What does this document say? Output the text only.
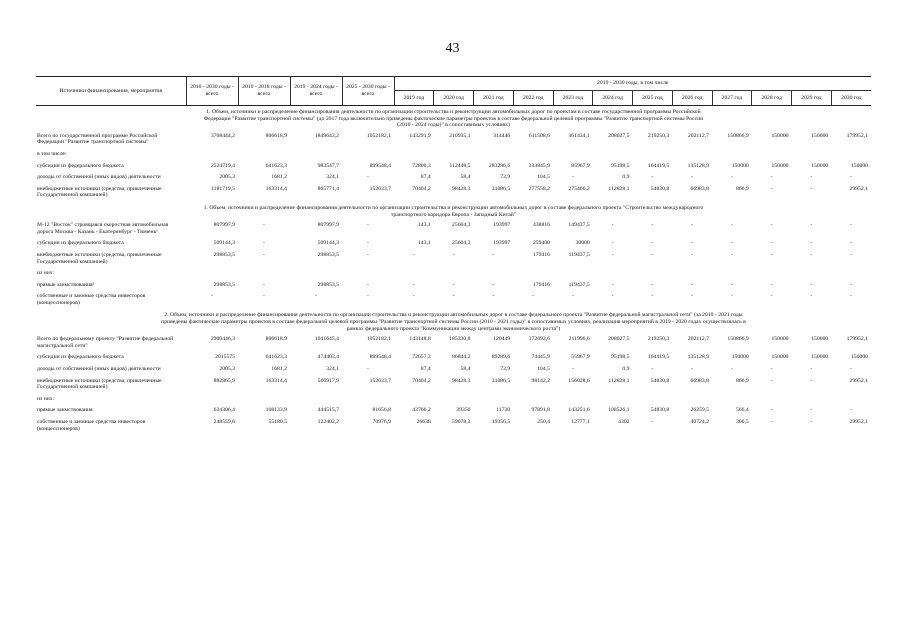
43
Источники финансирования, мероприятия	2010 - 2030 годы - всего	2010 - 2018 годы - всего	2019 - 2024 годы - всего	2025 - 2030 годы - всего	2019 - 2030 годы, в том числе											
					2019 год	2020 год	2021 год	2022 год	2023 год	2024 год	2025 год	2026 год	2027 год	2028 год	2029 год	2030 год

1. Объем, источники и распределение финансирования деятельности по организации строительства и реконструкции автомобильных дорог по проектам в составе государственной программы Российской Федерации "Развитие транспортной системы" (до 2017 года включительно приведены фактические параметры проектов в составе федеральной целевой программы "Развитие транспортной системы России (2010 - 2024 годы)" в сопоставимых условиях)																

Всего по государственной программе Российской Федерации "Развитие транспортной системы"	3708444,2	806618,9	1849643,2	1052182,1	143291,9	210935,1	314446	611508,6	361434,1	208027,5	219250,3	202112,7	150866,9	150000	150000	179952,1
в том числе:																
субсидии из федерального бюджета	2524719,4	641623,3	983547,7	899548,4	72800,3	112448,5	283286,6	333845,9	85967,9	95198,5	164419,5	135128,9	150000	150000	150000	150000
доходы от собственной (иных видов) деятельности	2005,3	1681,2	324,1	-	87,4	58,4	72,9	104,5	-	0,9	-	-	-	-	-	-
внебюджетные источники (средства, привлеченные Государственной компанией)	1181719,5	163314,4	865771,4	152633,7	70404,2	98428,3	31086,5	277558,2	275466,2	112828,1	54830,8	66983,8	866,9	-	-	29952,1

1. Объем, источники и распределение финансирования деятельности по организации строительства и реконструкции автомобильных дорог в составе федерального проекта "Строительство международного транспортного коридора Европа - Западный Китай"																

М-12 "Восток" строящаяся скоростная автомобильная дорога Москва - Казань - Екатеринбург - Тюмень¹	807997,9	-	807997,9	-	143,1	25604,3	193997	438816	149437,5	-	-	-	-	-	-	-
субсидии из федерального бюджета	509144,3	-	509144,3	-	143,1	25604,3	193997	259400	30000	-	-	-	-	-	-	-
внебюджетные источники (средства, привлеченные Государственной компанией)	298853,5	-	298853,5	-	-	-	-	179416	119437,5	-	-	-	-	-	-	-
из них:																
прямые заимствования²	298853,5	-	298853,5	-	-	-	-	179416	119437,5	-	-	-	-	-	-	-
собственные и заемные средства инвесторов (концессионеров)	-	-	-	-	-	-	-	-	-	-	-	-	-	-	-	-

2. Объем, источники и распределение финансирования деятельности по организации строительства и реконструкции автомобильных дорог в составе федерального проекта "Развитие федеральной магистральной сети" (за 2010 - 2021 годы приведены фактические параметры проектов в составе федеральной целевой программы "Развитие транспортной системы России (2010 - 2021 годы)" в сопоставимых условиях, реализация мероприятий в 2019 - 2020 годах осуществлялась в рамках федерального проекта "Коммуникации между центрами экономического роста")																

Всего по федеральному проекту "Развитие федеральной магистральной сети"	2900446,3	806618,9	1041645,4	1052182,1	143148,8	185330,8	120449	172692,6	211996,6	208027,5	219250,3	202112,7	150866,9	150000	150000	179952,1
субсидии из федерального бюджета	2015575	641623,3	474403,4	899548,4	72657,3	86844,2	89289,6	74445,9	55967,9	95198,5	164419,5	135128,9	150000	150000	150000	150000
доходы от собственной (иных видов) деятельности	2005,3	1681,2	324,1	-	87,4	58,4	72,9	104,5	-	0,9	-	-	-	-	-	-
внебюджетные источники (средства, привлеченные Государственной компанией)	882865,9	163314,4	566917,9	152633,7	70404,2	98428,3	31086,5	98142,2	156028,6	112828,1	54830,8	66983,8	866,9	-	-	29952,1
из них:																
прямые заимствования	634306,4	108133,9	444515,7	81656,8	43766,2	39350	11730	97891,8	143251,6	108526,1	54830,8	26259,5	566,4	-	-	-
собственные и заемные средства инвесторов (концессионеров)	248559,6	55180,5	122402,2	70976,9	26638	59078,3	19356,5	250,4	12777,1	4302	-	40724,2	300,5	-	-	29952,1
